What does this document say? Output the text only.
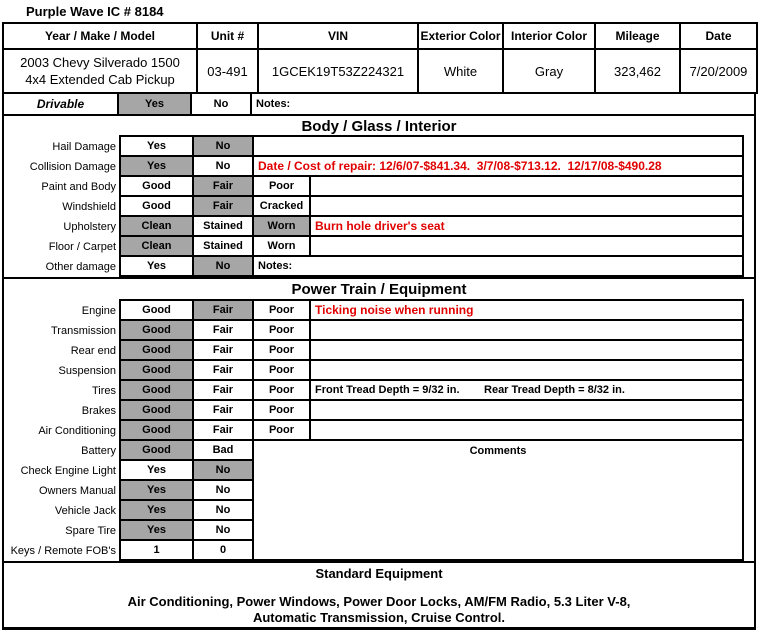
Purple Wave IC # 8184
Year / Make / Model	Unit #	VIN	Exterior Color	Interior Color	Mileage	Date

2003 Chevy Silverado 1500
4x4 Extended Cab Pickup	03-491	1GCEK19T53Z224321	White	Gray	323,462	7/20/2009
Drivable	Yes	No	Notes:
Body / Glass / Interior
Hail Damage	Yes	No
Collision Damage	Yes	No	Date / Cost of repair: 12/6/07-$841.34.  3/7/08-$713.12.  12/17/08-$490.28
Paint and Body	Good	Fair	Poor
Windshield	Good	Fair	Cracked
Upholstery	Clean	Stained	Worn	Burn hole driver's seat
Floor / Carpet	Clean	Stained	Worn
Other damage	Yes	No	Notes:
Power Train / Equipment
Engine	Good	Fair	Poor	Ticking noise when running
Transmission	Good	Fair	Poor
Rear end	Good	Fair	Poor
Suspension	Good	Fair	Poor
Tires	Good	Fair	Poor	Front Tread Depth = 9/32 in.        Rear Tread Depth = 8/32 in.
Brakes	Good	Fair	Poor
Air Conditioning	Good	Fair	Poor
Battery	Good	Bad
Check Engine Light	Yes	No
Owners Manual	Yes	No
Vehicle Jack	Yes	No
Spare Tire	Yes	No
Keys / Remote FOB's	1	0
Comments
Standard Equipment
Air Conditioning, Power Windows, Power Door Locks, AM/FM Radio, 5.3 Liter V-8,
Automatic Transmission, Cruise Control.
